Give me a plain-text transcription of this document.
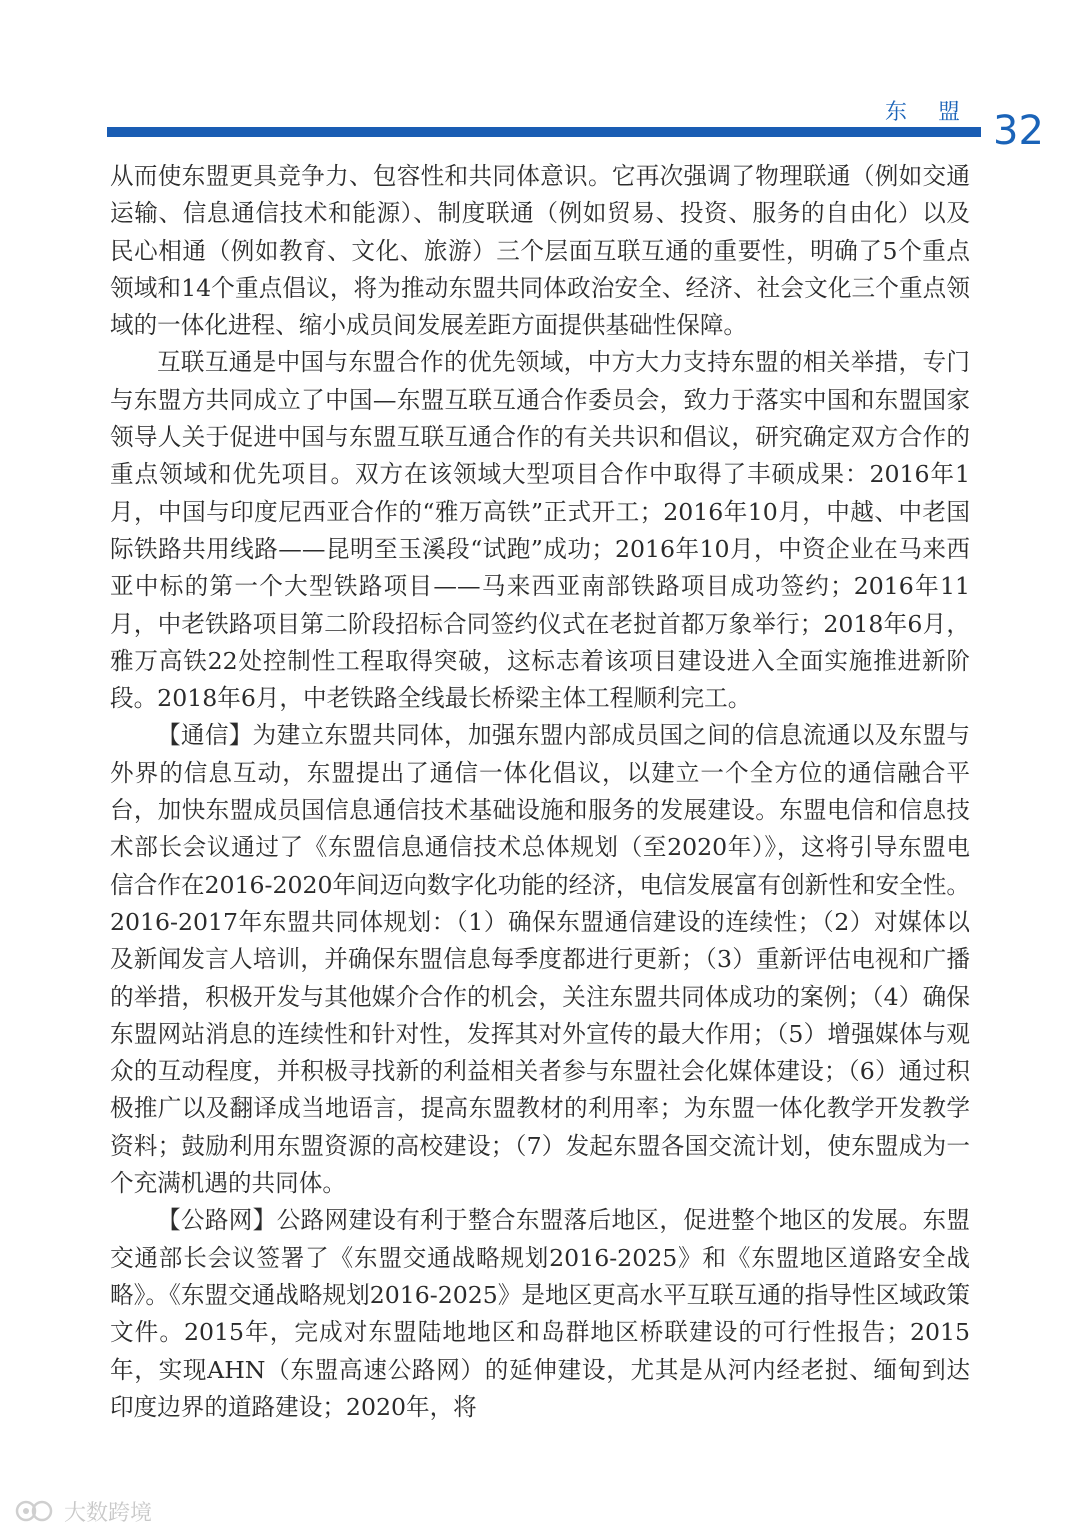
东 盟 32

从而使东盟更具竞争力、包容性和共同体意识。它再次强调了物理联通（例如交通运输、信息通信技术和能源）、制度联通（例如贸易、投资、服务的自由化）以及民心相通（例如教育、文化、旅游）三个层面互联互通的重要性，明确了5个重点领域和14个重点倡议，将为推动东盟共同体政治安全、经济、社会文化三个重点领域的一体化进程、缩小成员间发展差距方面提供基础性保障。

互联互通是中国与东盟合作的优先领域，中方大力支持东盟的相关举措，专门与东盟方共同成立了中国—东盟互联互通合作委员会，致力于落实中国和东盟国家领导人关于促进中国与东盟互联互通合作的有关共识和倡议，研究确定双方合作的重点领域和优先项目。双方在该领域大型项目合作中取得了丰硕成果：2016年1月，中国与印度尼西亚合作的“雅万高铁”正式开工；2016年10月，中越、中老国际铁路共用线路——昆明至玉溪段“试跑”成功；2016年10月，中资企业在马来西亚中标的第一个大型铁路项目——马来西亚南部铁路项目成功签约；2016年11月，中老铁路项目第二阶段招标合同签约仪式在老挝首都万象举行；2018年6月，雅万高铁22处控制性工程取得突破，这标志着该项目建设进入全面实施推进新阶段。2018年6月，中老铁路全线最长桥梁主体工程顺利完工。

【通信】为建立东盟共同体，加强东盟内部成员国之间的信息流通以及东盟与外界的信息互动，东盟提出了通信一体化倡议，以建立一个全方位的通信融合平台，加快东盟成员国信息通信技术基础设施和服务的发展建设。东盟电信和信息技术部长会议通过了《东盟信息通信技术总体规划（至2020年）》，这将引导东盟电信合作在2016-2020年间迈向数字化功能的经济，电信发展富有创新性和安全性。2016-2017年东盟共同体规划：（1）确保东盟通信建设的连续性；（2）对媒体以及新闻发言人培训，并确保东盟信息每季度都进行更新；（3）重新评估电视和广播的举措，积极开发与其他媒介合作的机会，关注东盟共同体成功的案例；（4）确保东盟网站消息的连续性和针对性，发挥其对外宣传的最大作用；（5）增强媒体与观众的互动程度，并积极寻找新的利益相关者参与东盟社会化媒体建设；（6）通过积极推广以及翻译成当地语言，提高东盟教材的利用率；为东盟一体化教学开发教学资料；鼓励利用东盟资源的高校建设；（7）发起东盟各国交流计划，使东盟成为一个充满机遇的共同体。

【公路网】公路网建设有利于整合东盟落后地区，促进整个地区的发展。东盟交通部长会议签署了《东盟交通战略规划2016-2025》和《东盟地区道路安全战略》。《东盟交通战略规划2016-2025》是地区更高水平互联互通的指导性区域政策文件。2015年，完成对东盟陆地地区和岛群地区桥联建设的可行性报告；2015年，实现AHN（东盟高速公路网）的延伸建设，尤其是从河内经老挝、缅甸到达印度边界的道路建设；2020年，将

大数跨境
